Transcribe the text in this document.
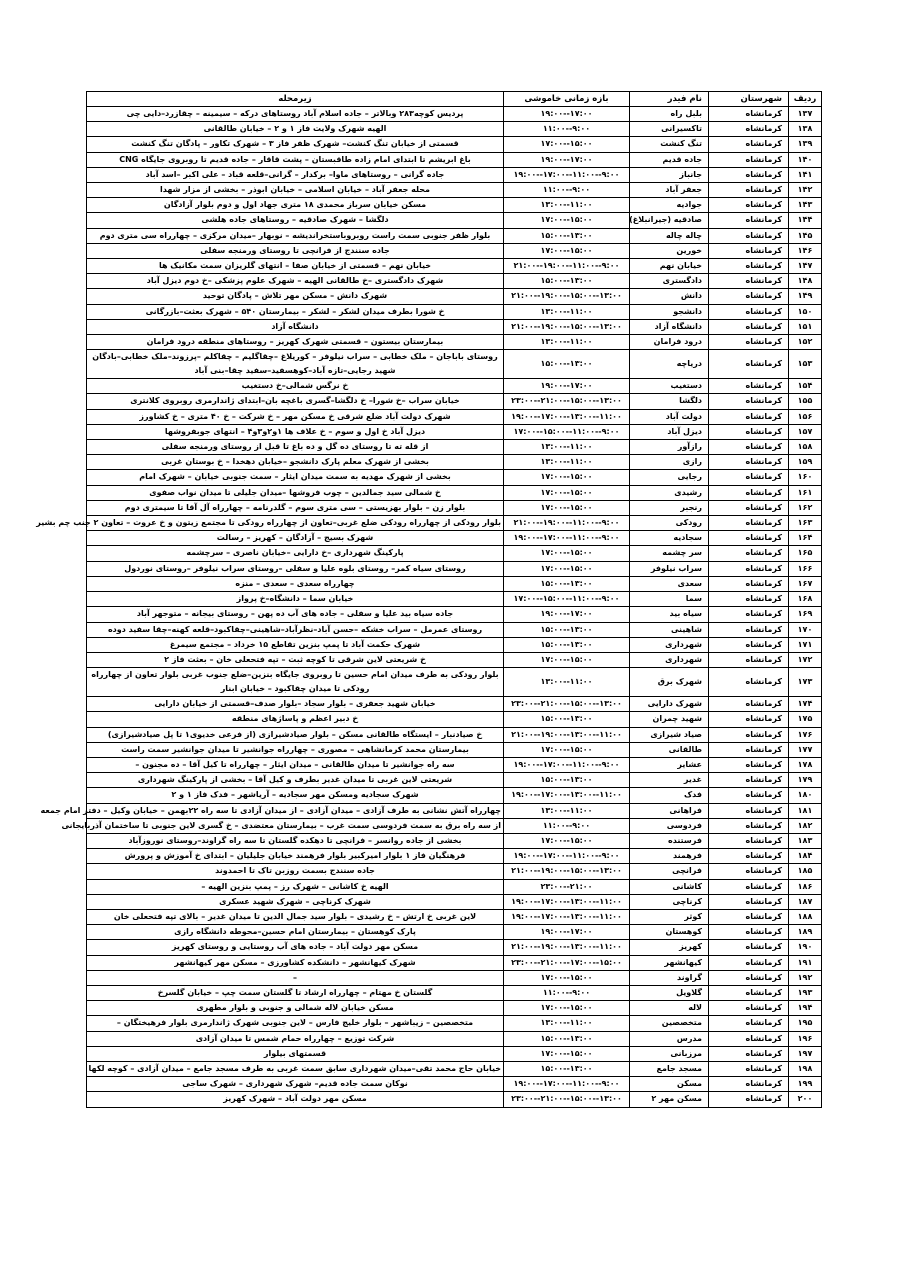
ردیف	شهرستان	نام فیدر	بازه زمانی خاموشی	زیرمحله
۱۳۷	کرمانشاه	بلبل راه	۱۹:۰۰--۱۷:۰۰	پردیس کوچه۲۸۳ وبالاتر – جاده اسلام آباد روستاهای درکه – سیمینه – چقازرد–دایی چی
۱۳۸	کرمانشاه	تاکسیرانی	۱۱:۰۰--۹:۰۰	الهیه شهرک ولایت فاز ۱ و ۲ – خیابان طالقانی
۱۳۹	کرمانشاه	تنگ کنشت	۱۷:۰۰--۱۵:۰۰	قسمتی از خیابان تنگ کنشت– شهرک ظفر فاز ۳ – شهرک تکاور – پادگان تنگ کنشت
۱۴۰	کرمانشاه	جاده قدیم	۱۹:۰۰--۱۷:۰۰	باغ ابریشم تا ابتدای امام زاده طاقبستان – پشت قاقار – جاده قدیم تا روبروی جایگاه CNG
۱۴۱	کرمانشاه	جانباز	۱۹:۰۰--۱۷:۰۰--۱۱:۰۰--۹:۰۰	جاده گرانی – روستاهای ماوا– برکدار – گرانی–قلعه قباد – علی اکبر –اسد آباد
۱۴۲	کرمانشاه	جعفر آباد	۱۱:۰۰--۹:۰۰	محله جعفر آباد – خیابان اسلامی – خیابان ابوذر – بخشی از مزار شهدا
۱۴۳	کرمانشاه	جوادیه	۱۳:۰۰--۱۱:۰۰	مسکن خیابان سرباز محمدی ۱۸ متری جهاد اول و دوم بلوار آزادگان
۱۴۴	کرمانشاه	صادقیه (جیرانبلاغ)	۱۷:۰۰--۱۵:۰۰	دلگشا – شهرک صادقیه – روستاهای جاده هلشی
۱۴۵	کرمانشاه	چاله چاله	۱۵:۰۰--۱۳:۰۰	بلوار ظفر جنوبی سمت راست روبروباستخراندیشه – نوبهار –میدان مرکزی – چهارراه سی متری دوم
۱۴۶	کرمانشاه	خورین	۱۷:۰۰--۱۵:۰۰	جاده سنندج از فرانچی تا روستای ورمنجه سفلی
۱۴۷	کرمانشاه	خیابان نهم	۲۱:۰۰--۱۹:۰۰--۱۱:۰۰--۹:۰۰	خیابان نهم – قسمتی از خیابان صفا – انتهای گلریزان سمت مکانیک ها
۱۴۸	کرمانشاه	دادگستری	۱۵:۰۰--۱۳:۰۰	شهرک دادگستری –خ طالقانی الهیه – شهرک علوم پزشکی –خ دوم دیزل آباد
۱۴۹	کرمانشاه	دانش	۲۱:۰۰--۱۹:۰۰--۱۵:۰۰--۱۳:۰۰	شهرک دانش – مسکن مهر تلاش – پادگان توحید
۱۵۰	کرمانشاه	دانشجو	۱۳:۰۰--۱۱:۰۰	خ شورا بطرف میدان لشکر – لشکر – بیمارستان ۵۴۰ – شهرک بعثت–بازرگانی
۱۵۱	کرمانشاه	دانشگاه آزاد	۲۱:۰۰--۱۹:۰۰--۱۵:۰۰--۱۳:۰۰	دانشگاه آزاد
۱۵۲	کرمانشاه	درود فرامان	۱۳:۰۰--۱۱:۰۰	بیمارستان بیستون – قسمتی شهرک کهریز – روستاهای منطقه درود فرامان
۱۵۳	کرمانشاه	دریاچه	۱۵:۰۰--۱۳:۰۰	روستای باباجان – ملک خطابی – سراب نیلوفر – کوریلاغ –چقاگلیم – چقاکلم –پرزوند–ملک خطابی–بادگان شهید رجایی–تازه آباد–کوهسفید–سفید چقا–بنی آباد
۱۵۴	کرمانشاه	دستغیب	۱۹:۰۰--۱۷:۰۰	خ نرگس شمالی–خ دستغیب
۱۵۵	کرمانشاه	دلگشا	۲۳:۰۰--۲۱:۰۰--۱۵:۰۰--۱۳:۰۰	خیابان سراب –خ شورا– خ دلگشا–گسری باغچه بان–ابتدای ژاندارمری روبروی کلانتری
۱۵۶	کرمانشاه	دولت آباد	۱۹:۰۰--۱۷:۰۰--۱۳:۰۰--۱۱:۰۰	شهرک دولت آباد ضلع شرقی خ مسکن مهر – خ شرکت – خ ۴۰ متری – خ کشاورز
۱۵۷	کرمانشاه	دیزل آباد	۱۷:۰۰--۱۵:۰۰--۱۱:۰۰--۹:۰۰	دیزل آباد خ اول و سوم – خ علاف ها ۱و۲و۳و۴ – انتهای جوبفروشها
۱۵۸	کرمانشاه	رازآور	۱۳:۰۰--۱۱:۰۰	از قله ته تا روستای ده گل و ده باغ تا قبل از روستای ورمنجه سفلی
۱۵۹	کرمانشاه	رازی	۱۳:۰۰--۱۱:۰۰	بخشی از شهرک معلم پارک دانشجو –خیابان دهخدا – خ بوستان غربی
۱۶۰	کرمانشاه	رجایی	۱۷:۰۰--۱۵:۰۰	بخشی از شهرک مهدیه به سمت میدان ایثار – سمت جنوبی خیابان – شهرک امام
۱۶۱	کرمانشاه	رشیدی	۱۷:۰۰--۱۵:۰۰	خ شمالی سید جمالدین – چوب فروشها –میدان جلیلی تا میدان نواب صفوی
۱۶۲	کرمانشاه	رنجبر	۱۷:۰۰--۱۵:۰۰	بلوار زن – بلوار بهزیستی – سی متری سوم – گلدرنامه – چهارراه آل آقا تا سیمتری دوم
۱۶۳	کرمانشاه	رودکی	۲۱:۰۰--۱۹:۰۰--۱۱:۰۰--۹:۰۰	بلوار رودکی از چهارراه رودکی ضلع غربی–تعاون از چهارراه رودکی تا مجتمع زیتون و خ عروت – تعاون ۲ جنب چم بشیر
۱۶۴	کرمانشاه	سجادیه	۱۹:۰۰--۱۷:۰۰--۱۱:۰۰--۹:۰۰	شهرک بسیج – آزادگان – کهریز – رسالت
۱۶۵	کرمانشاه	سر چشمه	۱۷:۰۰--۱۵:۰۰	پارکینگ شهرداری –خ دارایی –خیابان ناصری – سرچشمه
۱۶۶	کرمانشاه	سراب نیلوفر	۱۷:۰۰--۱۵:۰۰	روستای سیاه کمر– روستای بلوه علیا و سفلی –روستای سراب نیلوفر –روستای نوردول
۱۶۷	کرمانشاه	سعدی	۱۵:۰۰--۱۳:۰۰	چهارراه سعدی – سعدی – منزه
۱۶۸	کرمانشاه	سما	۱۷:۰۰--۱۵:۰۰--۱۱:۰۰--۹:۰۰	خیابان سما – دانشگاه–خ پرواز
۱۶۹	کرمانشاه	سیاه بید	۱۹:۰۰--۱۷:۰۰	جاده سیاه بید علیا و سفلی – جاده های آب ده پهن – روستای بیجانه – متوجهر آباد
۱۷۰	کرمانشاه	شاهینی	۱۵:۰۰--۱۳:۰۰	روستای عمرمل – سراب خشکه –حسن آباد–نظرآباد–شاهینی–چقاکبود–قلعه کهنه–چقا سفید دوده
۱۷۱	کرمانشاه	شهرداری	۱۵:۰۰--۱۳:۰۰	شهرک حکمت آباد تا پمپ بنزین تقاطع ۱۵ خرداد – مجتمع سیمرغ
۱۷۲	کرمانشاه	شهرداری	۱۷:۰۰--۱۵:۰۰	خ شریعتی لاین شرقی تا کوچه ثبت – تپه فتحعلی خان – بعثت فاز ۲
۱۷۳	کرمانشاه	شهرک برق	۱۳:۰۰--۱۱:۰۰	بلوار رودکی به طرف میدان امام حسین تا روبروی جایگاه بنزین–ضلع جنوب غربی بلوار تعاون از چهارراه رودکی تا میدان چقاکبود – خیابان ابنار
۱۷۴	کرمانشاه	شهرک دارایی	۲۳:۰۰--۲۱:۰۰--۱۵:۰۰--۱۳:۰۰	خیابان شهید جعفری – بلوار سجاد –بلوار صدف–قسمتی از خیابان دارایی
۱۷۵	کرمانشاه	شهید چمران	۱۵:۰۰--۱۳:۰۰	خ دبیر اعظم و پاساژهای منطقه
۱۷۶	کرمانشاه	صیاد شیرازی	۲۱:۰۰--۱۹:۰۰--۱۳:۰۰--۱۱:۰۰	خ صیادنبار – ایستگاه طالقانی مسکن – بلوار صیادشیرازی (از فرعی خدیوی۱ تا پل صیادشیرازی)
۱۷۷	کرمانشاه	طالقانی	۱۷:۰۰--۱۵:۰۰	بیمارستان محمد کرمانشاهی – مصوری – چهارراه جوانشیر تا میدان جوانشیر سمت راست
۱۷۸	کرمانشاه	عشایر	۱۹:۰۰--۱۷:۰۰--۱۱:۰۰--۹:۰۰	سه راه جوانشیر تا میدان طالقانی – میدان ایثار – چهارراه تا کیل آقا – ده مجنون –
۱۷۹	کرمانشاه	غدیر	۱۵:۰۰--۱۳:۰۰	شریعتی لاین غربی تا میدان غدیر بطرف و کیل آقا – بخشی از پارکینگ شهرداری
۱۸۰	کرمانشاه	فدک	۱۹:۰۰--۱۷:۰۰--۱۳:۰۰--۱۱:۰۰	شهرک سجادیه ومسکن مهر سجادیه – آریاشهر – فدک فاز ۱ و ۲
۱۸۱	کرمانشاه	فراهانی	۱۳:۰۰--۱۱:۰۰	چهارراه آتش نشانی به طرف آزادی – میدان آزادی – از میدان آزادی تا سه راه ۲۲بهمن – خیابان وکیل – دفتر امام جمعه
۱۸۲	کرمانشاه	فردوسی	۱۱:۰۰--۹:۰۰	از سه راه برق به سمت فردوسی سمت غرب – بیمارستان معتضدی – خ گسری لاین جنوبی تا ساختمان آذربایجانی
۱۸۳	کرمانشاه	فرستنده	۱۷:۰۰--۱۵:۰۰	بخشی از جاده روانسر – فرانچی تا دهکده گلستان تا سه راه گراوند–روستای نوروزآباد
۱۸۴	کرمانشاه	فرهمند	۱۹:۰۰--۱۷:۰۰--۱۱:۰۰--۹:۰۰	فرهنگیان فاز ۱ بلوار امیرکبیر بلوار فرهمند خیابان جلیلیان – ابتدای خ آموزش و پرورش
۱۸۵	کرمانشاه	فرانچی	۲۱:۰۰--۱۹:۰۰--۱۵:۰۰--۱۳:۰۰	جاده سنندج بسمت روزبن تاک تا احمدوند
۱۸۶	کرمانشاه	کاشانی	۲۳:۰۰--۲۱:۰۰	الهیه خ کاشانی – شهرک رز – پمپ بنزین الهیه –
۱۸۷	کرمانشاه	کرناچی	۱۹:۰۰--۱۷:۰۰--۱۳:۰۰--۱۱:۰۰	شهرک کرناچی – شهرک شهید عسکری
۱۸۸	کرمانشاه	کوثر	۱۹:۰۰--۱۷:۰۰--۱۳:۰۰--۱۱:۰۰	لاین غربی خ ارتش – خ رشیدی – بلوار سید جمال الدین تا میدان غدیر – بالای تپه فتحعلی خان
۱۸۹	کرمانشاه	کوهستان	۱۹:۰۰--۱۷:۰۰	پارک کوهستان – بیمارستان امام حسین–محوطه دانشگاه رازی
۱۹۰	کرمانشاه	کهریز	۲۱:۰۰--۱۹:۰۰--۱۳:۰۰--۱۱:۰۰	مسکن مهر دولت آباد – جاده های آب روستایی و روستای کهریز
۱۹۱	کرمانشاه	کیهانشهر	۲۳:۰۰--۲۱:۰۰--۱۷:۰۰--۱۵:۰۰	شهرک کیهانشهر – دانشکده کشاورزی – مسکن مهر کیهانشهر
۱۹۲	کرمانشاه	گراوند	۱۷:۰۰--۱۵:۰۰	–
۱۹۳	کرمانشاه	گلاویل	۱۱:۰۰--۹:۰۰	گلستان خ مهتام – چهارراه ارشاد تا گلستان سمت چپ – خیابان گلسرخ
۱۹۴	کرمانشاه	لاله	۱۷:۰۰--۱۵:۰۰	مسکن خیابان لاله شمالی و جنوبی و بلوار مطهری
۱۹۵	کرمانشاه	متخصصین	۱۳:۰۰--۱۱:۰۰	متخصصین – زیباشهر – بلوار خلیج فارس – لاین جنوبی شهرک ژاندارمری بلوار فرهیختگان –
۱۹۶	کرمانشاه	مدرس	۱۵:۰۰--۱۳:۰۰	شرکت توزیع – چهارراه حمام شمس تا میدان آزادی
۱۹۷	کرمانشاه	مرزبانی	۱۷:۰۰--۱۵:۰۰	قسمتهای بیلوار
۱۹۸	کرمانشاه	مسجد جامع	۱۵:۰۰--۱۳:۰۰	خیابان حاج محمد تقی–میدان شهرداری سابق سمت غربی به طرف مسجد جامع – میدان آزادی – کوچه لکها
۱۹۹	کرمانشاه	مسکن	۱۹:۰۰--۱۷:۰۰--۱۱:۰۰--۹:۰۰	نوکان سمت جاده قدیم– شهرک شهرداری – شهرک ساجی
۲۰۰	کرمانشاه	مسکن مهر ۲	۲۳:۰۰--۲۱:۰۰--۱۵:۰۰--۱۳:۰۰	مسکن مهر دولت آباد – شهرک کهریز
